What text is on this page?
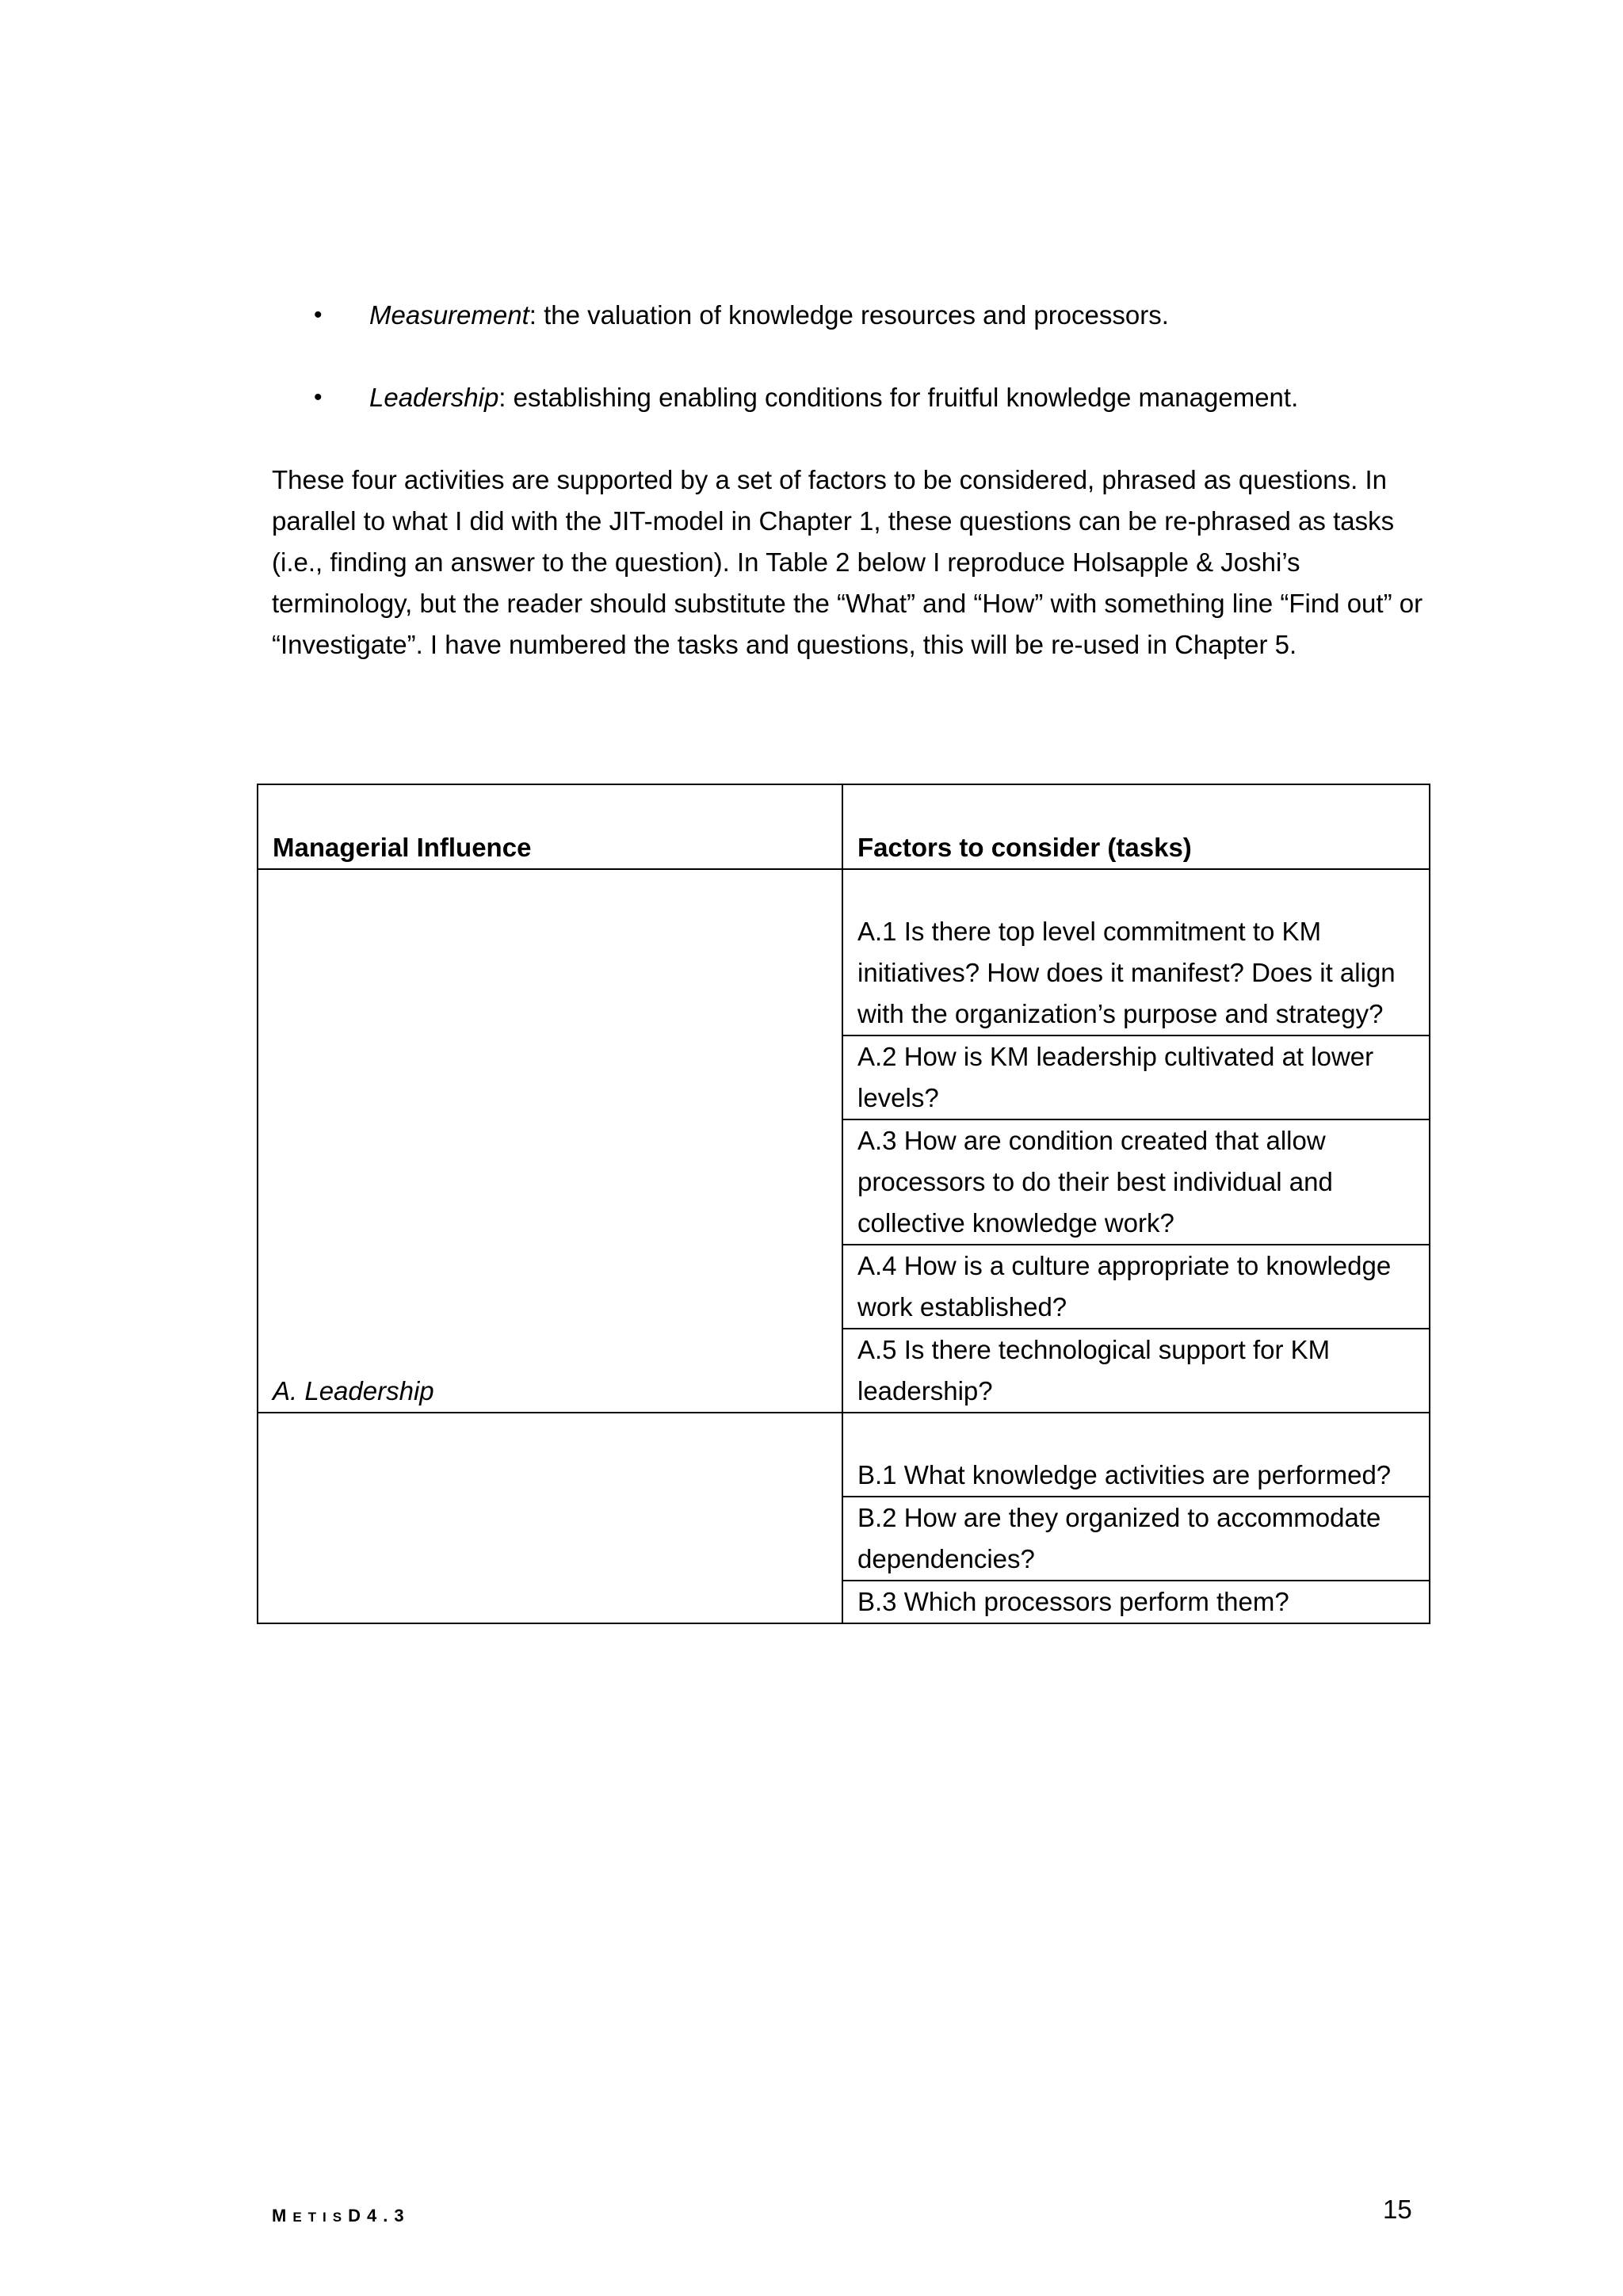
• Measurement: the valuation of knowledge resources and processors.
• Leadership: establishing enabling conditions for fruitful knowledge management.

These four activities are supported by a set of factors to be considered, phrased as questions. In parallel to what I did with the JIT-model in Chapter 1, these questions can be re-phrased as tasks (i.e., finding an answer to the question). In Table 2 below I reproduce Holsapple & Joshi’s terminology, but the reader should substitute the “What” and “How” with something line “Find out” or “Investigate”. I have numbered the tasks and questions, this will be re-used in Chapter 5.

Managerial Influence	Factors to consider (tasks)
A. Leadership	A.1 Is there top level commitment to KM initiatives? How does it manifest? Does it align with the organization’s purpose and strategy?
	A.2 How is KM leadership cultivated at lower levels?
	A.3 How are condition created that allow processors to do their best individual and collective knowledge work?
	A.4 How is a culture appropriate to knowledge work established?
	A.5 Is there technological support for KM leadership?
	B.1 What knowledge activities are performed?
	B.2 How are they organized to accommodate dependencies?
	B.3 Which processors perform them?
METISD4.3	15
